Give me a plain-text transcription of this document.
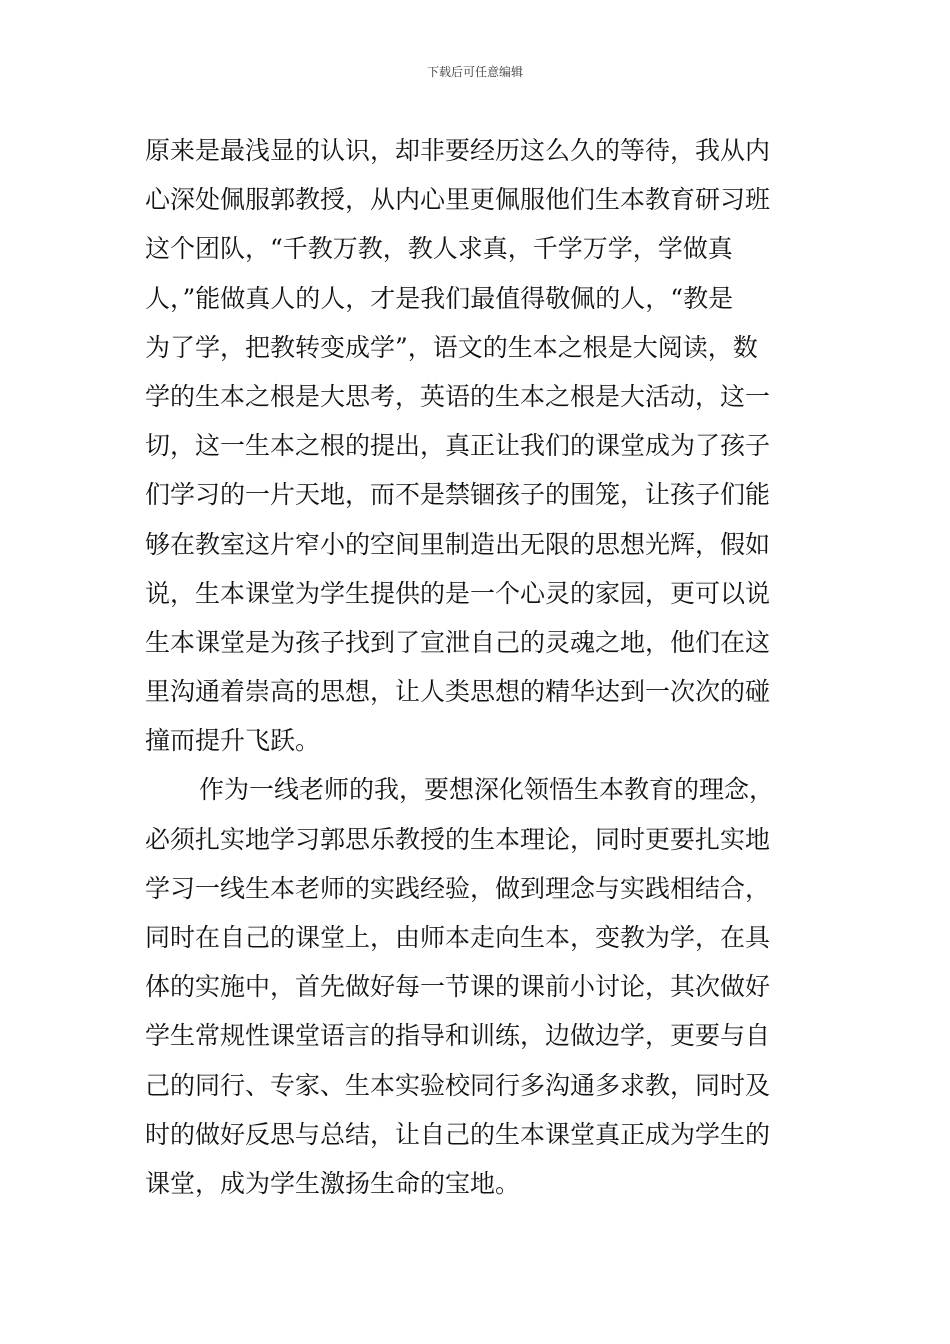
下载后可任意编辑
原来是最浅显的认识，却非要经历这么久的等待，我从内
心深处佩服郭教授，从内心里更佩服他们生本教育研习班
这个团队，“千教万教，教人求真，千学万学，学做真
人，”能做真人的人，才是我们最值得敬佩的人，“教是
为了学，把教转变成学”，语文的生本之根是大阅读，数
学的生本之根是大思考，英语的生本之根是大活动，这一
切，这一生本之根的提出，真正让我们的课堂成为了孩子
们学习的一片天地，而不是禁锢孩子的围笼，让孩子们能
够在教室这片窄小的空间里制造出无限的思想光辉，假如
说，生本课堂为学生提供的是一个心灵的家园，更可以说
生本课堂是为孩子找到了宣泄自己的灵魂之地，他们在这
里沟通着崇高的思想，让人类思想的精华达到一次次的碰
撞而提升飞跃。
作为一线老师的我，要想深化领悟生本教育的理念，
必须扎实地学习郭思乐教授的生本理论，同时更要扎实地
学习一线生本老师的实践经验，做到理念与实践相结合，
同时在自己的课堂上，由师本走向生本，变教为学，在具
体的实施中，首先做好每一节课的课前小讨论，其次做好
学生常规性课堂语言的指导和训练，边做边学，更要与自
己的同行、专家、生本实验校同行多沟通多求教，同时及
时的做好反思与总结，让自己的生本课堂真正成为学生的
课堂，成为学生激扬生命的宝地。
